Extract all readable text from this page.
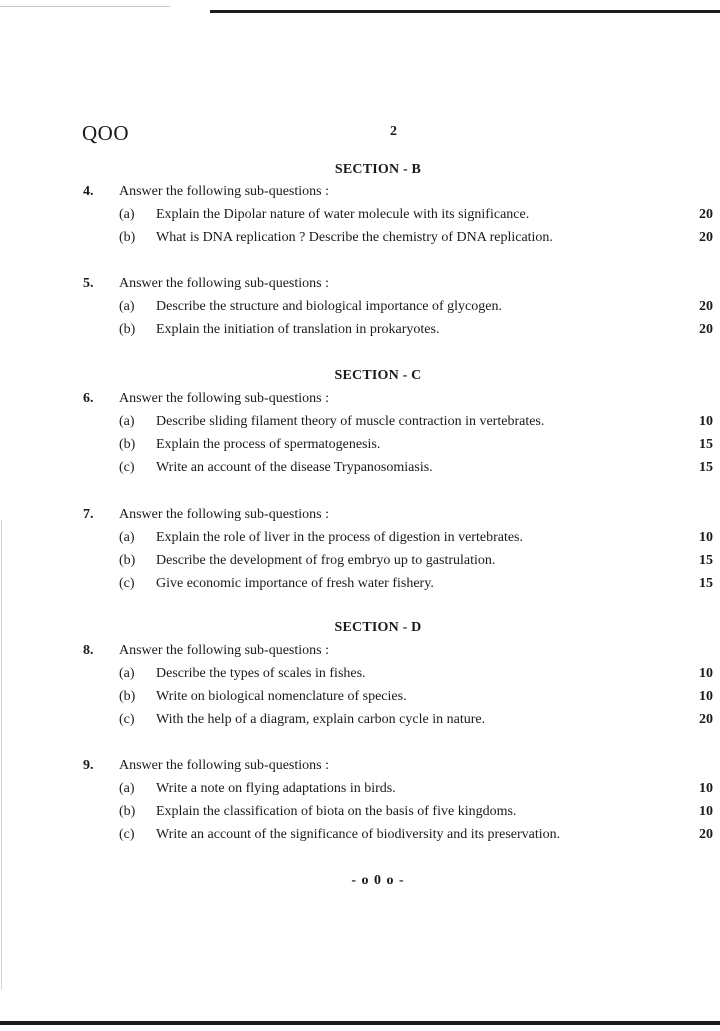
QOO	2
SECTION - B
4. Answer the following sub-questions :
(a) Explain the Dipolar nature of water molecule with its significance.	20
(b) What is DNA replication ? Describe the chemistry of DNA replication.	20
5. Answer the following sub-questions :
(a) Describe the structure and biological importance of glycogen.	20
(b) Explain the initiation of translation in prokaryotes.	20
SECTION - C
6. Answer the following sub-questions :
(a) Describe sliding filament theory of muscle contraction in vertebrates.	10
(b) Explain the process of spermatogenesis.	15
(c) Write an account of the disease Trypanosomiasis.	15
7. Answer the following sub-questions :
(a) Explain the role of liver in the process of digestion in vertebrates.	10
(b) Describe the development of frog embryo up to gastrulation.	15
(c) Give economic importance of fresh water fishery.	15
SECTION - D
8. Answer the following sub-questions :
(a) Describe the types of scales in fishes.	10
(b) Write on biological nomenclature of species.	10
(c) With the help of a diagram, explain carbon cycle in nature.	20
9. Answer the following sub-questions :
(a) Write a note on flying adaptations in birds.	10
(b) Explain the classification of biota on the basis of five kingdoms.	10
(c) Write an account of the significance of biodiversity and its preservation.	20
- o 0 o -
